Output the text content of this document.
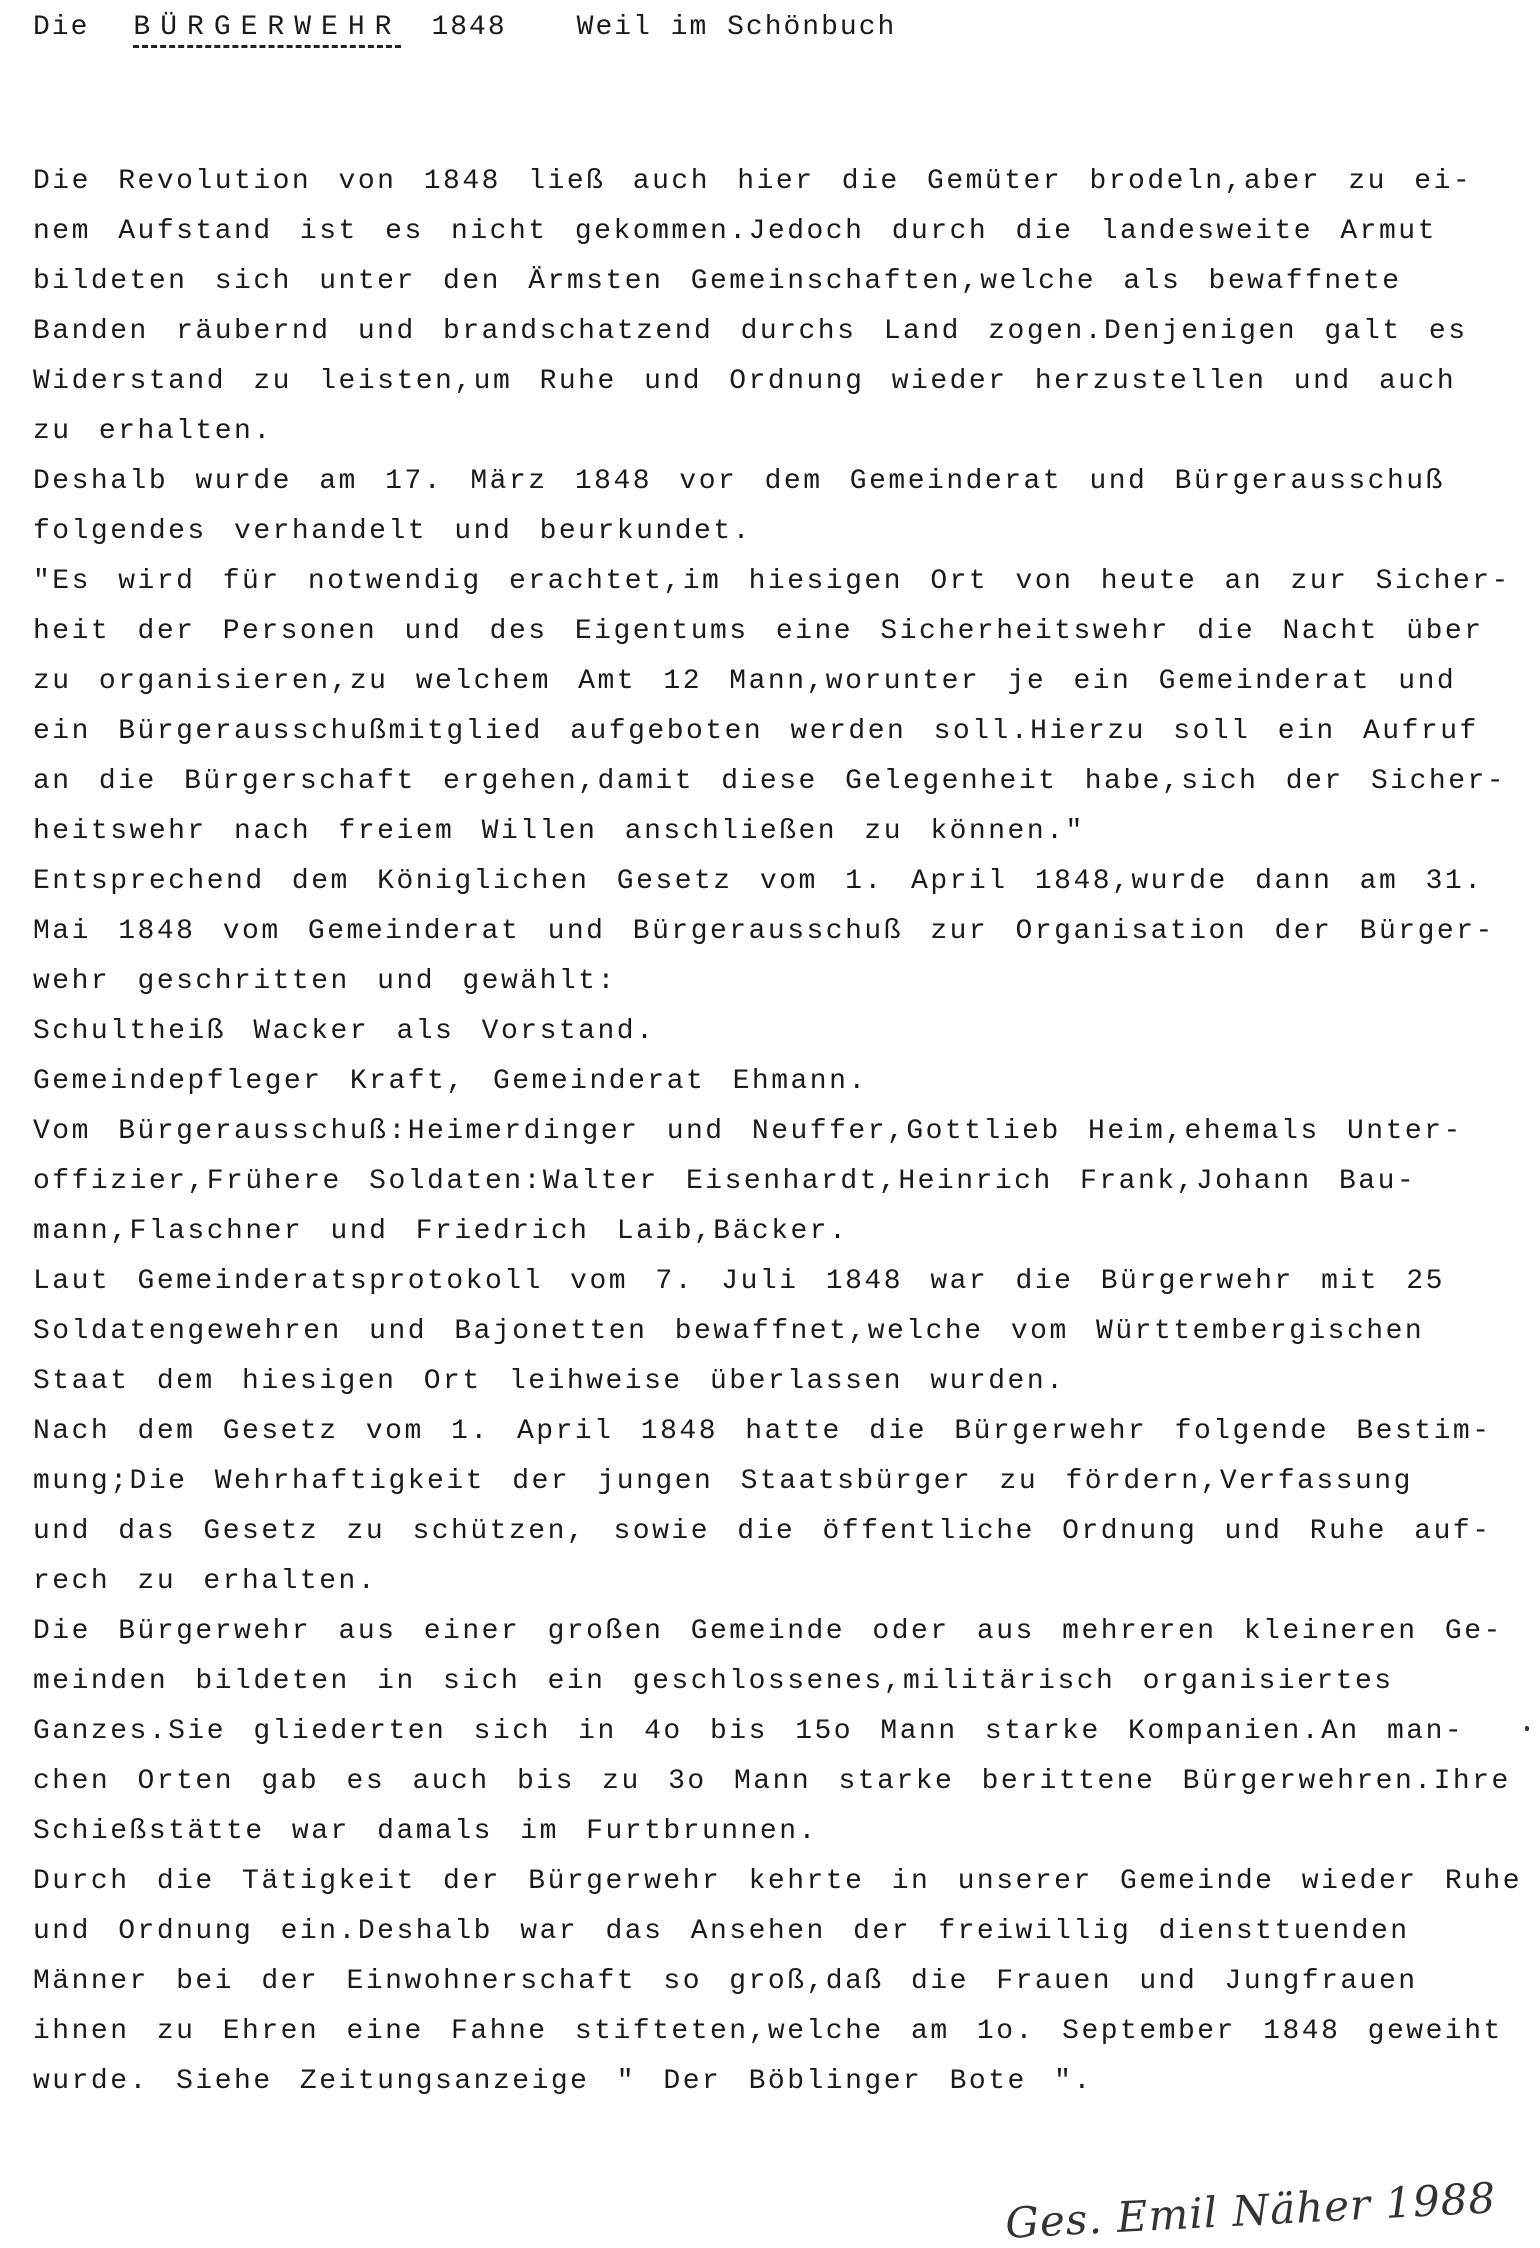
Die BÜRGERWEHR 1848	Weil im Schönbuch
Die Revolution von 1848 ließ auch hier die Gemüter brodeln,aber zu ei-
nem Aufstand ist es nicht gekommen.Jedoch durch die landesweite Armut
bildeten sich unter den Ärmsten Gemeinschaften,welche als bewaffnete
Banden räubernd und brandschatzend durchs Land zogen.Denjenigen galt es
Widerstand zu leisten,um Ruhe und Ordnung wieder herzustellen und auch
zu erhalten.
Deshalb wurde am 17. März 1848 vor dem Gemeinderat und Bürgerausschuß
folgendes verhandelt und beurkundet.
"Es wird für notwendig erachtet,im hiesigen Ort von heute an zur Sicher-
heit der Personen und des Eigentums eine Sicherheitswehr die Nacht über
zu organisieren,zu welchem Amt 12 Mann,worunter je ein Gemeinderat und
ein Bürgerausschußmitglied aufgeboten werden soll.Hierzu soll ein Aufruf
an die Bürgerschaft ergehen,damit diese Gelegenheit habe,sich der Sicher-
heitswehr nach freiem Willen anschließen zu können."
Entsprechend dem Königlichen Gesetz vom 1. April 1848,wurde dann am 31.
Mai 1848 vom Gemeinderat und Bürgerausschuß zur Organisation der Bürger-
wehr geschritten und gewählt:
Schultheiß Wacker als Vorstand.
Gemeindepfleger Kraft, Gemeinderat Ehmann.
Vom Bürgerausschuß:Heimerdinger und Neuffer,Gottlieb Heim,ehemals Unter-
offizier,Frühere Soldaten:Walter Eisenhardt,Heinrich Frank,Johann Bau-
mann,Flaschner und Friedrich Laib,Bäcker.
Laut Gemeinderatsprotokoll vom 7. Juli 1848 war die Bürgerwehr mit 25
Soldatengewehren und Bajonetten bewaffnet,welche vom Württembergischen
Staat dem hiesigen Ort leihweise überlassen wurden.
Nach dem Gesetz vom 1. April 1848 hatte die Bürgerwehr folgende Bestim-
mung;Die Wehrhaftigkeit der jungen Staatsbürger zu fördern,Verfassung
und das Gesetz zu schützen, sowie die öffentliche Ordnung und Ruhe auf-
rech zu erhalten.
Die Bürgerwehr aus einer großen Gemeinde oder aus mehreren kleineren Ge-
meinden bildeten in sich ein geschlossenes,militärisch organisiertes
Ganzes.Sie gliederten sich in 4o bis 15o Mann starke Kompanien.An man-
chen Orten gab es auch bis zu 3o Mann starke berittene Bürgerwehren.Ihre
Schießstätte war damals im Furtbrunnen.
Durch die Tätigkeit der Bürgerwehr kehrte in unserer Gemeinde wieder Ruhe
und Ordnung ein.Deshalb war das Ansehen der freiwillig diensttuenden
Männer bei der Einwohnerschaft so groß,daß die Frauen und Jungfrauen
ihnen zu Ehren eine Fahne stifteten,welche am 1o. September 1848 geweiht
wurde. Siehe Zeitungsanzeige " Der Böblinger Bote ".
Ges. Emil Näher 1988
